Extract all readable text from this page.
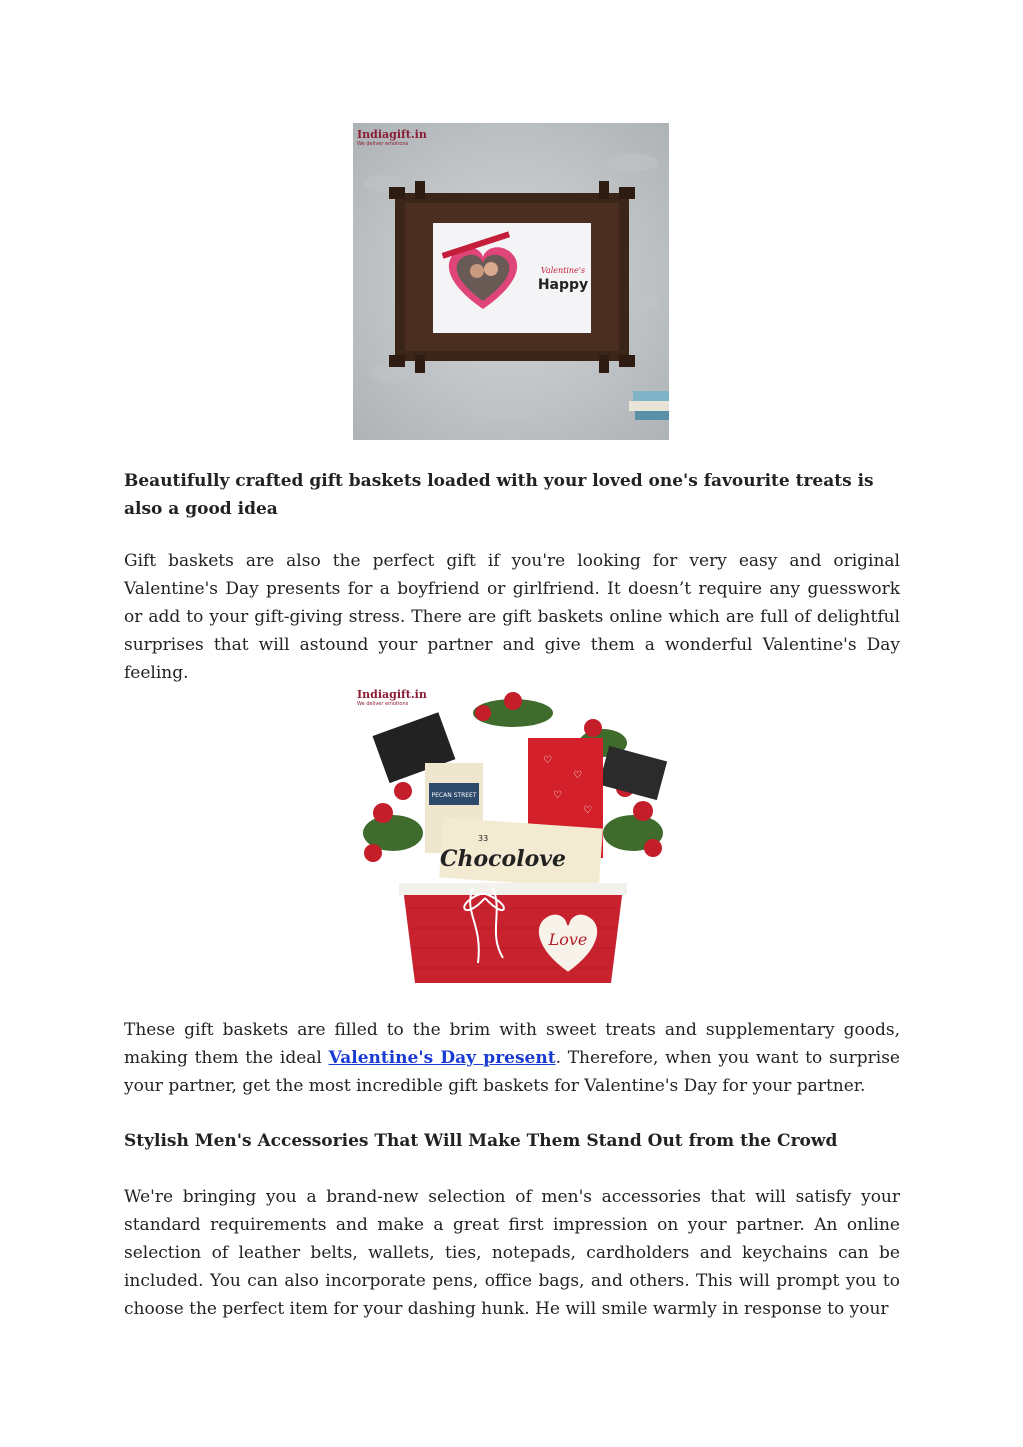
Valentine's
Happy
Indiagift.in
We deliver emotions
Beautifully crafted gift baskets loaded with your loved one's favourite treats is also a good idea

Gift baskets are also the perfect gift if you're looking for very easy and original Valentine's Day presents for a boyfriend or girlfriend. It doesn’t require any guesswork or add to your gift-giving stress. There are gift baskets online which are full of delightful surprises that will astound your partner and give them a wonderful Valentine's Day feeling.

♡
♡
♡
♡
PECAN STREET
Chocolove
33
Love
Indiagift.in
We deliver emotions

These gift baskets are filled to the brim with sweet treats and supplementary goods, making them the ideal Valentine's Day present. Therefore, when you want to surprise your partner, get the most incredible gift baskets for Valentine's Day for your partner.

Stylish Men's Accessories That Will Make Them Stand Out from the Crowd

We're bringing you a brand-new selection of men's accessories that will satisfy your standard requirements and make a great first impression on your partner. An online selection of leather belts, wallets, ties, notepads, cardholders and keychains can be included. You can also incorporate pens, office bags, and others. This will prompt you to choose the perfect item for your dashing hunk. He will smile warmly in response to your
